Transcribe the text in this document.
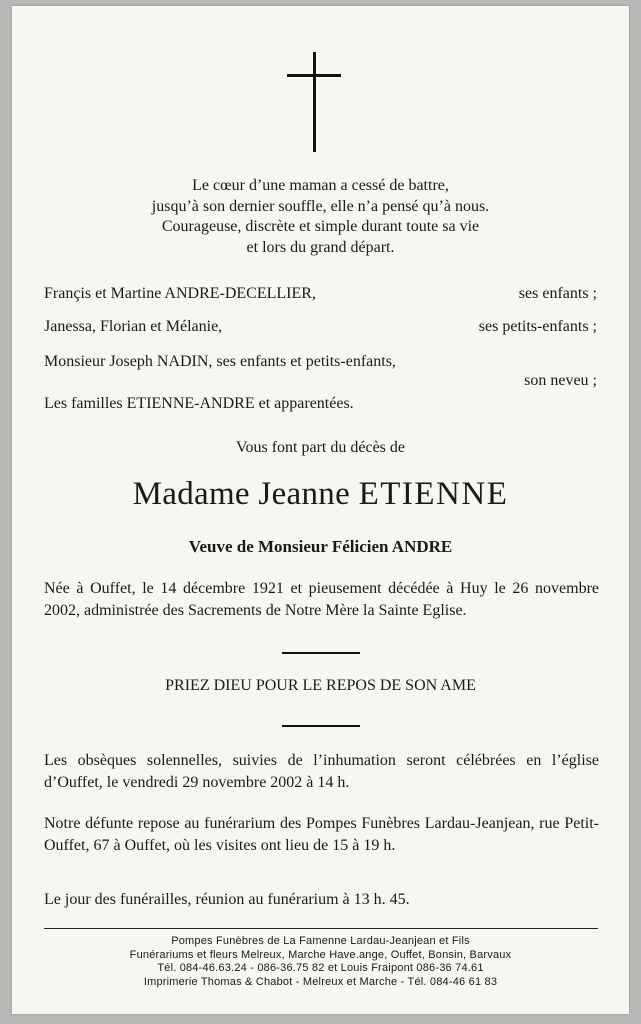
Le cœur d’une maman a cessé de battre,
jusqu’à son dernier souffle, elle n’a pensé qu’à nous.
Courageuse, discrète et simple durant toute sa vie
et lors du grand départ.
Françis et Martine ANDRE-DECELLIER,	ses enfants ;
Janessa, Florian et Mélanie,	ses petits-enfants ;
Monsieur Joseph NADIN, ses enfants et petits-enfants,
son neveu ;
Les familles ETIENNE-ANDRE et apparentées.
Vous font part du décès de
Madame Jeanne ETIENNE
Veuve de Monsieur Félicien ANDRE
Née à Ouffet, le 14 décembre 1921 et pieusement décédée à Huy le 26 novembre 2002, administrée des Sacrements de Notre Mère la Sainte Eglise.
PRIEZ DIEU POUR LE REPOS DE SON AME
Les obsèques solennelles, suivies de l’inhumation seront célébrées en l’église d’Ouffet, le vendredi 29 novembre 2002 à 14 h.
Notre défunte repose au funérarium des Pompes Funèbres Lardau-Jeanjean, rue Petit-Ouffet, 67 à Ouffet, où les visites ont lieu de 15 à 19 h.
Le jour des funérailles, réunion au funérarium à 13 h. 45.
Pompes Funèbres de La Famenne Lardau-Jeanjean et Fils
Funérariums et fleurs Melreux, Marche Have.ange, Ouffet, Bonsin, Barvaux
Tél. 084-46.63.24 - 086-36.75 82 et Louis Fraipont 086-36 74.61
Imprimerie Thomas & Chabot - Melreux et Marche - Tél. 084-46 61 83
